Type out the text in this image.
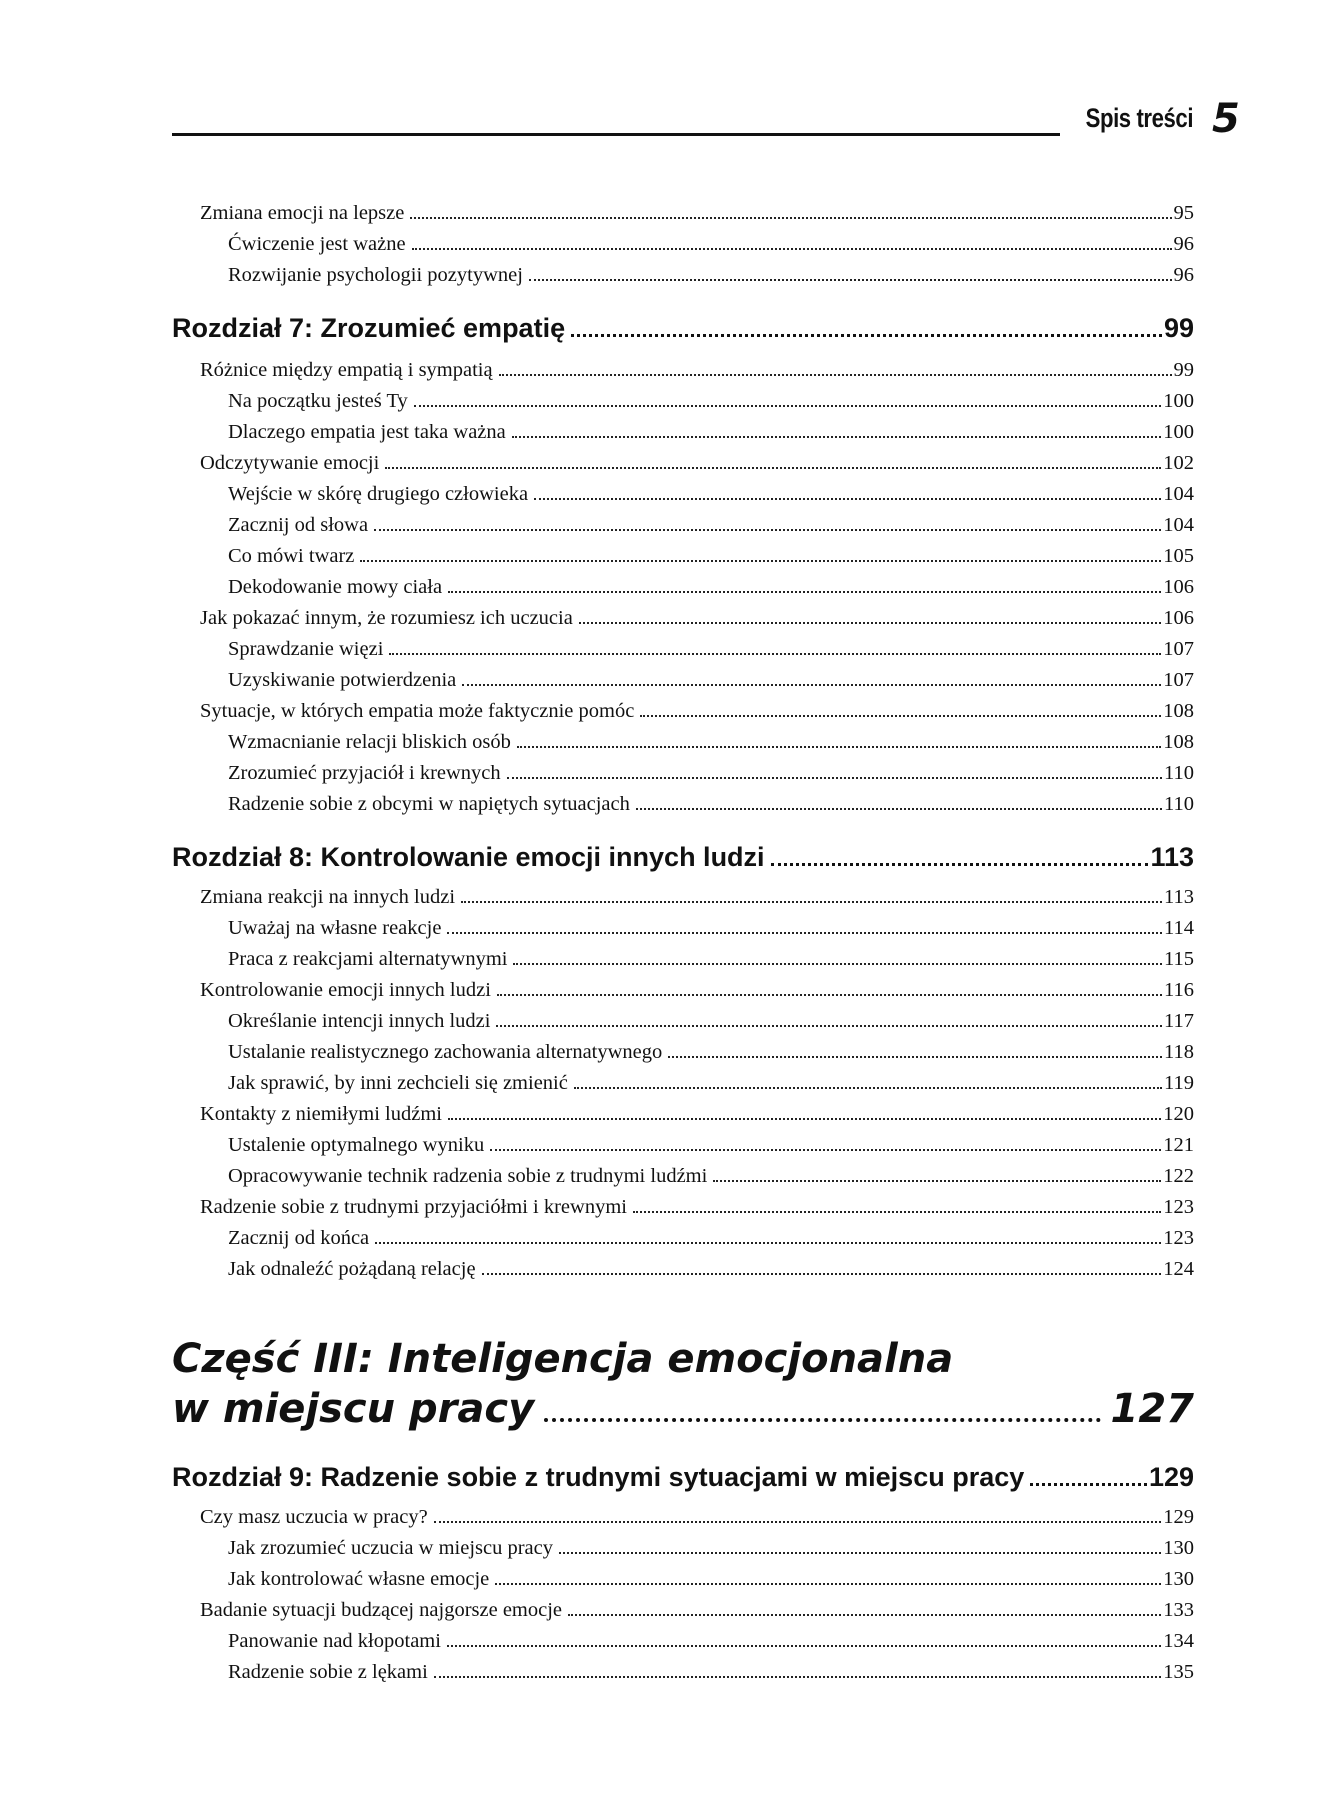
Spis treści 5
Zmiana emocji na lepsze	95
Ćwiczenie jest ważne	96
Rozwijanie psychologii pozytywnej	96
Rozdział 7: Zrozumieć empatię	99
Różnice między empatią i sympatią	99
Na początku jesteś Ty	100
Dlaczego empatia jest taka ważna	100
Odczytywanie emocji	102
Wejście w skórę drugiego człowieka	104
Zacznij od słowa	104
Co mówi twarz	105
Dekodowanie mowy ciała	106
Jak pokazać innym, że rozumiesz ich uczucia	106
Sprawdzanie więzi	107
Uzyskiwanie potwierdzenia	107
Sytuacje, w których empatia może faktycznie pomóc	108
Wzmacnianie relacji bliskich osób	108
Zrozumieć przyjaciół i krewnych	110
Radzenie sobie z obcymi w napiętych sytuacjach	110
Rozdział 8: Kontrolowanie emocji innych ludzi	113
Zmiana reakcji na innych ludzi	113
Uważaj na własne reakcje	114
Praca z reakcjami alternatywnymi	115
Kontrolowanie emocji innych ludzi	116
Określanie intencji innych ludzi	117
Ustalanie realistycznego zachowania alternatywnego	118
Jak sprawić, by inni zechcieli się zmienić	119
Kontakty z niemiłymi ludźmi	120
Ustalenie optymalnego wyniku	121
Opracowywanie technik radzenia sobie z trudnymi ludźmi	122
Radzenie sobie z trudnymi przyjaciółmi i krewnymi	123
Zacznij od końca	123
Jak odnaleźć pożądaną relację	124
Część III: Inteligencja emocjonalna
w miejscu pracy	127
Rozdział 9: Radzenie sobie z trudnymi sytuacjami w miejscu pracy	129
Czy masz uczucia w pracy?	129
Jak zrozumieć uczucia w miejscu pracy	130
Jak kontrolować własne emocje	130
Badanie sytuacji budzącej najgorsze emocje	133
Panowanie nad kłopotami	134
Radzenie sobie z lękami	135
